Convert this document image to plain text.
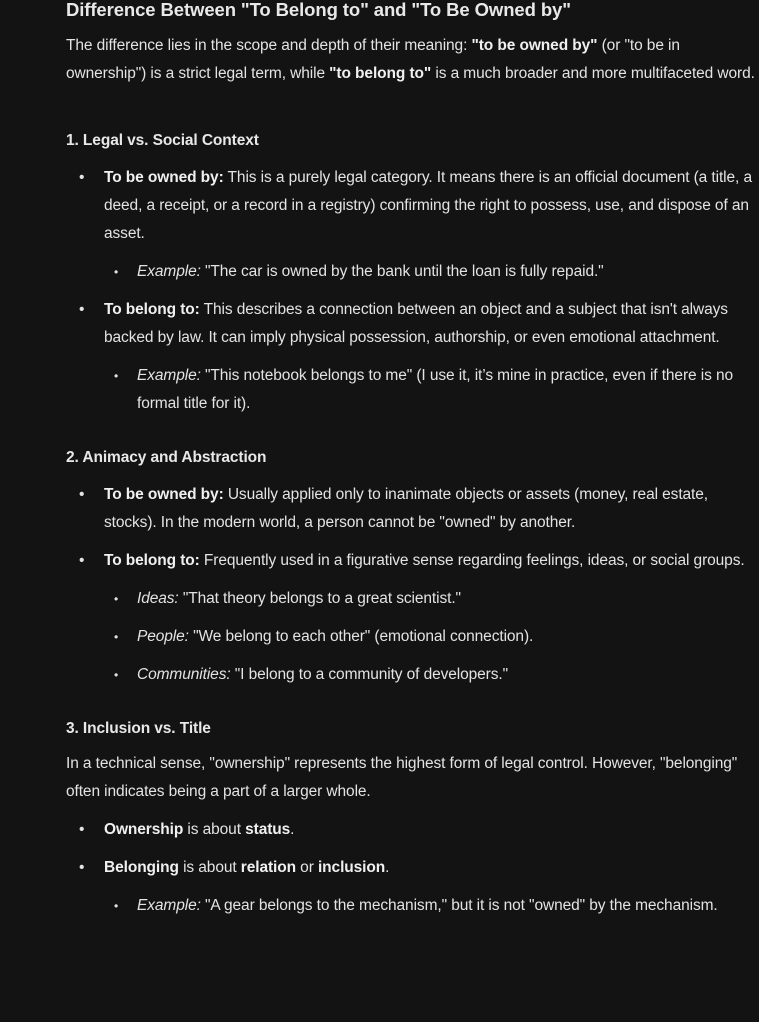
Difference Between "To Belong to" and "To Be Owned by"

The difference lies in the scope and depth of their meaning: "to be owned by" (or "to be in ownership") is a strict legal term, while "to belong to" is a much broader and more multifaceted word.

1. Legal vs. Social Context
• To be owned by: This is a purely legal category. It means there is an official document (a title, a deed, a receipt, or a record in a registry) confirming the right to possess, use, and dispose of an asset.
• Example: "The car is owned by the bank until the loan is fully repaid."
• To belong to: This describes a connection between an object and a subject that isn't always backed by law. It can imply physical possession, authorship, or even emotional attachment.
• Example: "This notebook belongs to me" (I use it, it’s mine in practice, even if there is no formal title for it).
2. Animacy and Abstraction
• To be owned by: Usually applied only to inanimate objects or assets (money, real estate, stocks). In the modern world, a person cannot be "owned" by another.
• To belong to: Frequently used in a figurative sense regarding feelings, ideas, or social groups.
• Ideas: "That theory belongs to a great scientist."
• People: "We belong to each other" (emotional connection).
• Communities: "I belong to a community of developers."
3. Inclusion vs. Title

In a technical sense, "ownership" represents the highest form of legal control. However, "belonging" often indicates being a part of a larger whole.

• Ownership is about status.
• Belonging is about relation or inclusion.
• Example: "A gear belongs to the mechanism," but it is not "owned" by the mechanism.
